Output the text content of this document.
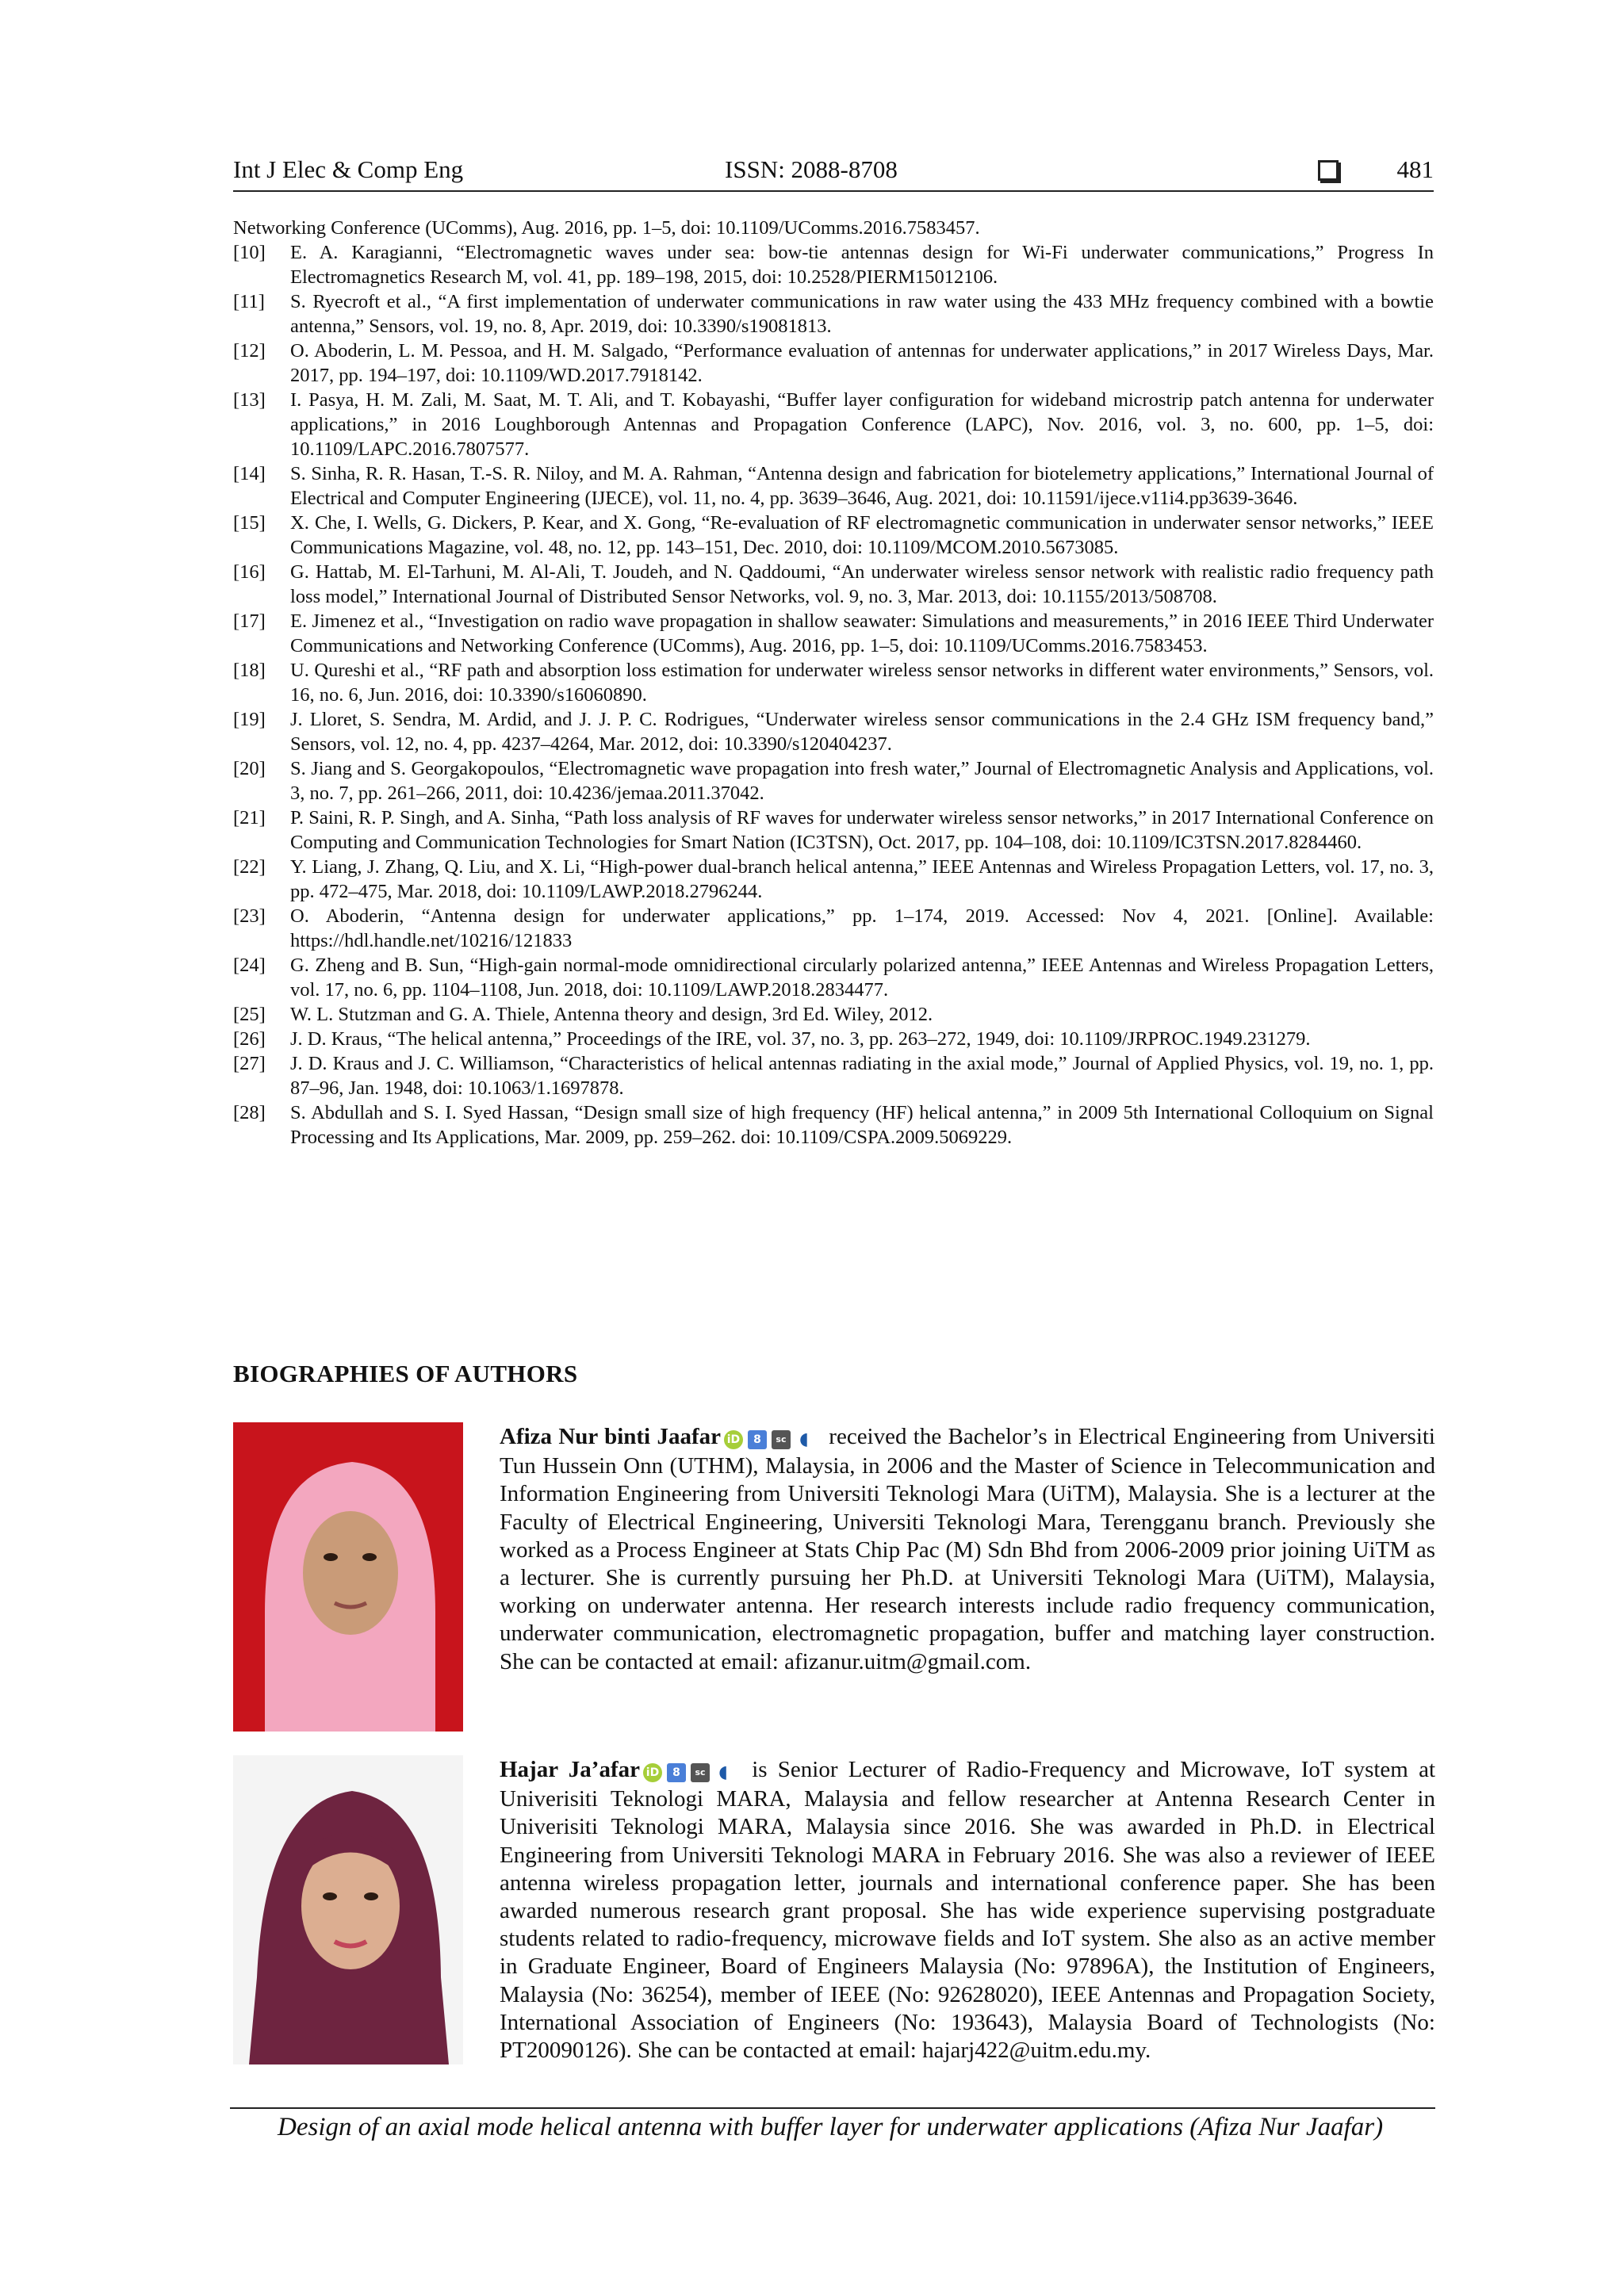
Int J Elec & Comp Eng	ISSN: 2088-8708	481
Networking Conference (UComms), Aug. 2016, pp. 1–5, doi: 10.1109/UComms.2016.7583457.
[10]	E. A. Karagianni, “Electromagnetic waves under sea: bow-tie antennas design for Wi-Fi underwater communications,” Progress In Electromagnetics Research M, vol. 41, pp. 189–198, 2015, doi: 10.2528/PIERM15012106.
[11]	S. Ryecroft et al., “A first implementation of underwater communications in raw water using the 433 MHz frequency combined with a bowtie antenna,” Sensors, vol. 19, no. 8, Apr. 2019, doi: 10.3390/s19081813.
[12]	O. Aboderin, L. M. Pessoa, and H. M. Salgado, “Performance evaluation of antennas for underwater applications,” in 2017 Wireless Days, Mar. 2017, pp. 194–197, doi: 10.1109/WD.2017.7918142.
[13]	I. Pasya, H. M. Zali, M. Saat, M. T. Ali, and T. Kobayashi, “Buffer layer configuration for wideband microstrip patch antenna for underwater applications,” in 2016 Loughborough Antennas and Propagation Conference (LAPC), Nov. 2016, vol. 3, no. 600, pp. 1–5, doi: 10.1109/LAPC.2016.7807577.
[14]	S. Sinha, R. R. Hasan, T.-S. R. Niloy, and M. A. Rahman, “Antenna design and fabrication for biotelemetry applications,” International Journal of Electrical and Computer Engineering (IJECE), vol. 11, no. 4, pp. 3639–3646, Aug. 2021, doi: 10.11591/ijece.v11i4.pp3639-3646.
[15]	X. Che, I. Wells, G. Dickers, P. Kear, and X. Gong, “Re-evaluation of RF electromagnetic communication in underwater sensor networks,” IEEE Communications Magazine, vol. 48, no. 12, pp. 143–151, Dec. 2010, doi: 10.1109/MCOM.2010.5673085.
[16]	G. Hattab, M. El-Tarhuni, M. Al-Ali, T. Joudeh, and N. Qaddoumi, “An underwater wireless sensor network with realistic radio frequency path loss model,” International Journal of Distributed Sensor Networks, vol. 9, no. 3, Mar. 2013, doi: 10.1155/2013/508708.
[17]	E. Jimenez et al., “Investigation on radio wave propagation in shallow seawater: Simulations and measurements,” in 2016 IEEE Third Underwater Communications and Networking Conference (UComms), Aug. 2016, pp. 1–5, doi: 10.1109/UComms.2016.7583453.
[18]	U. Qureshi et al., “RF path and absorption loss estimation for underwater wireless sensor networks in different water environments,” Sensors, vol. 16, no. 6, Jun. 2016, doi: 10.3390/s16060890.
[19]	J. Lloret, S. Sendra, M. Ardid, and J. J. P. C. Rodrigues, “Underwater wireless sensor communications in the 2.4 GHz ISM frequency band,” Sensors, vol. 12, no. 4, pp. 4237–4264, Mar. 2012, doi: 10.3390/s120404237.
[20]	S. Jiang and S. Georgakopoulos, “Electromagnetic wave propagation into fresh water,” Journal of Electromagnetic Analysis and Applications, vol. 3, no. 7, pp. 261–266, 2011, doi: 10.4236/jemaa.2011.37042.
[21]	P. Saini, R. P. Singh, and A. Sinha, “Path loss analysis of RF waves for underwater wireless sensor networks,” in 2017 International Conference on Computing and Communication Technologies for Smart Nation (IC3TSN), Oct. 2017, pp. 104–108, doi: 10.1109/IC3TSN.2017.8284460.
[22]	Y. Liang, J. Zhang, Q. Liu, and X. Li, “High-power dual-branch helical antenna,” IEEE Antennas and Wireless Propagation Letters, vol. 17, no. 3, pp. 472–475, Mar. 2018, doi: 10.1109/LAWP.2018.2796244.
[23]	O. Aboderin, “Antenna design for underwater applications,” pp. 1–174, 2019. Accessed: Nov 4, 2021. [Online]. Available: https://hdl.handle.net/10216/121833
[24]	G. Zheng and B. Sun, “High-gain normal-mode omnidirectional circularly polarized antenna,” IEEE Antennas and Wireless Propagation Letters, vol. 17, no. 6, pp. 1104–1108, Jun. 2018, doi: 10.1109/LAWP.2018.2834477.
[25]	W. L. Stutzman and G. A. Thiele, Antenna theory and design, 3rd Ed. Wiley, 2012.
[26]	J. D. Kraus, “The helical antenna,” Proceedings of the IRE, vol. 37, no. 3, pp. 263–272, 1949, doi: 10.1109/JRPROC.1949.231279.
[27]	J. D. Kraus and J. C. Williamson, “Characteristics of helical antennas radiating in the axial mode,” Journal of Applied Physics, vol. 19, no. 1, pp. 87–96, Jan. 1948, doi: 10.1063/1.1697878.
[28]	S. Abdullah and S. I. Syed Hassan, “Design small size of high frequency (HF) helical antenna,” in 2009 5th International Colloquium on Signal Processing and Its Applications, Mar. 2009, pp. 259–262. doi: 10.1109/CSPA.2009.5069229.
BIOGRAPHIES OF AUTHORS
Afiza Nur binti Jaafar iD 8 sc ◖ received the Bachelor’s in Electrical Engineering from Universiti Tun Hussein Onn (UTHM), Malaysia, in 2006 and the Master of Science in Telecommunication and Information Engineering from Universiti Teknologi Mara (UiTM), Malaysia. She is a lecturer at the Faculty of Electrical Engineering, Universiti Teknologi Mara, Terengganu branch. Previously she worked as a Process Engineer at Stats Chip Pac (M) Sdn Bhd from 2006-2009 prior joining UiTM as a lecturer. She is currently pursuing her Ph.D. at Universiti Teknologi Mara (UiTM), Malaysia, working on underwater antenna. Her research interests include radio frequency communication, underwater communication, electromagnetic propagation, buffer and matching layer construction. She can be contacted at email: afizanur.uitm@gmail.com.
Hajar Ja’afar iD 8 sc ◖ is Senior Lecturer of Radio-Frequency and Microwave, IoT system at Univerisiti Teknologi MARA, Malaysia and fellow researcher at Antenna Research Center in Univerisiti Teknologi MARA, Malaysia since 2016. She was awarded in Ph.D. in Electrical Engineering from Universiti Teknologi MARA in February 2016. She was also a reviewer of IEEE antenna wireless propagation letter, journals and international conference paper. She has been awarded numerous research grant proposal. She has wide experience supervising postgraduate students related to radio-frequency, microwave fields and IoT system. She also as an active member in Graduate Engineer, Board of Engineers Malaysia (No: 97896A), the Institution of Engineers, Malaysia (No: 36254), member of IEEE (No: 92628020), IEEE Antennas and Propagation Society, International Association of Engineers (No: 193643), Malaysia Board of Technologists (No: PT20090126). She can be contacted at email: hajarj422@uitm.edu.my.
Design of an axial mode helical antenna with buffer layer for underwater applications (Afiza Nur Jaafar)
